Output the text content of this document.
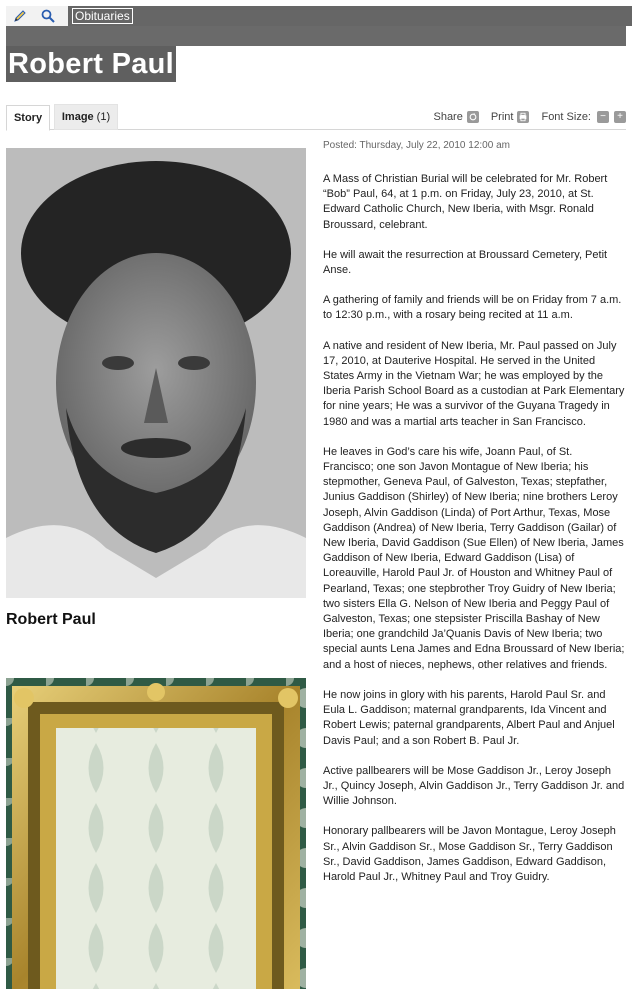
Obituaries
Robert Paul
Story Image (1)	Share	Print	Font Size: −	+
Robert Paul
Posted: Thursday, July 22, 2010 12:00 am

A Mass of Christian Burial will be celebrated for Mr. Robert “Bob” Paul, 64, at 1 p.m. on Friday, July 23, 2010, at St. Edward Catholic Church, New Iberia, with Msgr. Ronald Broussard, celebrant.

He will await the resurrection at Broussard Cemetery, Petit Anse.

A gathering of family and friends will be on Friday from 7 a.m. to 12:30 p.m., with a rosary being recited at 11 a.m.

A native and resident of New Iberia, Mr. Paul passed on July 17, 2010, at Dauterive Hospital. He served in the United States Army in the Vietnam War; he was employed by the Iberia Parish School Board as a custodian at Park Elementary for nine years; He was a survivor of the Guyana Tragedy in 1980 and was a martial arts teacher in San Francisco.

He leaves in God’s care his wife, Joann Paul, of St. Francisco; one son Javon Montague of New Iberia; his stepmother, Geneva Paul, of Galveston, Texas; stepfather, Junius Gaddison (Shirley) of New Iberia; nine brothers Leroy Joseph, Alvin Gaddison (Linda) of Port Arthur, Texas, Mose Gaddison (Andrea) of New Iberia, Terry Gaddison (Gailar) of New Iberia, David Gaddison (Sue Ellen) of New Iberia, James Gaddison of New Iberia, Edward Gaddison (Lisa) of Loreauville, Harold Paul Jr. of Houston and Whitney Paul of Pearland, Texas; one stepbrother Troy Guidry of New Iberia; two sisters Ella G. Nelson of New Iberia and Peggy Paul of Galveston, Texas; one stepsister Priscilla Bashay of New Iberia; one grandchild Ja’Quanis Davis of New Iberia; two special aunts Lena James and Edna Broussard of New Iberia; and a host of nieces, nephews, other relatives and friends.

He now joins in glory with his parents, Harold Paul Sr. and Eula L. Gaddison; maternal grandparents, Ida Vincent and Robert Lewis; paternal grandparents, Albert Paul and Anjuel Davis Paul; and a son Robert B. Paul Jr.

Active pallbearers will be Mose Gaddison Jr., Leroy Joseph Jr., Quincy Joseph, Alvin Gaddison Jr., Terry Gaddison Jr. and Willie Johnson.

Honorary pallbearers will be Javon Montague, Leroy Joseph Sr., Alvin Gaddison Sr., Mose Gaddison Sr., Terry Gaddison Sr., David Gaddison, James Gaddison, Edward Gaddison, Harold Paul Jr., Whitney Paul and Troy Guidry.
